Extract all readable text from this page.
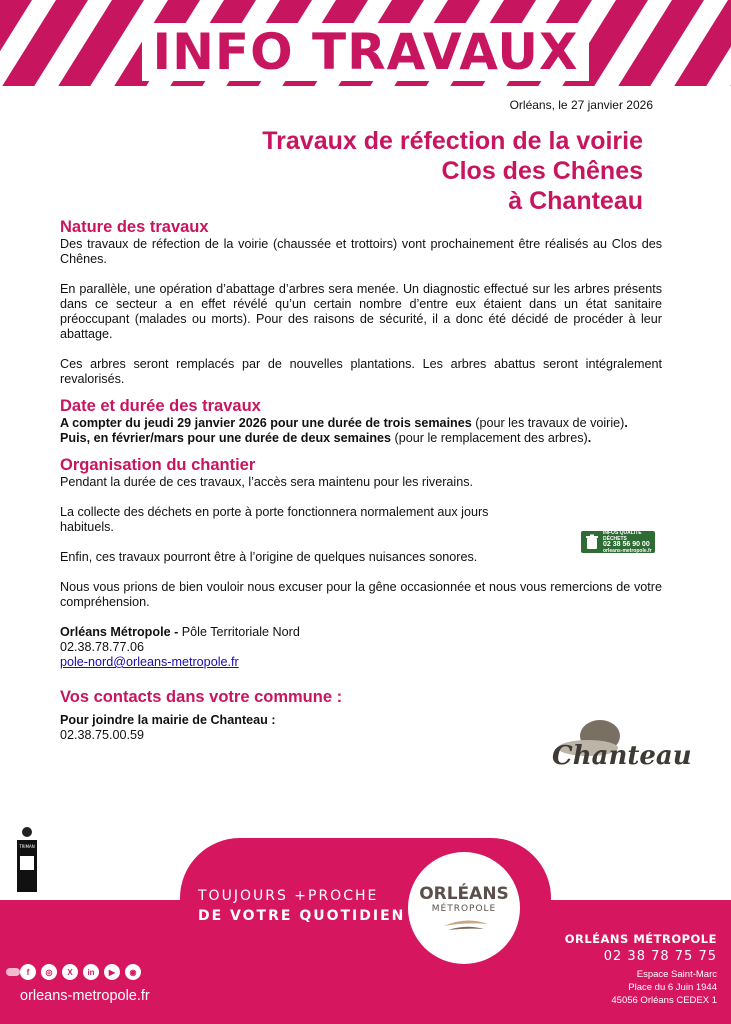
INFO TRAVAUX
Orléans, le 27 janvier 2026
Travaux de réfection de la voirie
Clos des Chênes
à Chanteau
Nature des travaux

Des travaux de réfection de la voirie (chaussée et trottoirs) vont prochainement être réalisés au Clos des Chênes.

En parallèle, une opération d’abattage d’arbres sera menée. Un diagnostic effectué sur les arbres présents dans ce secteur a en effet révélé qu’un certain nombre d’entre eux étaient dans un état sanitaire préoccupant (malades ou morts). Pour des raisons de sécurité, il a donc été décidé de procéder à leur abattage.

Ces arbres seront remplacés par de nouvelles plantations. Les arbres abattus seront intégralement revalorisés.

Date et durée des travaux

A compter du jeudi 29 janvier 2026 pour une durée de trois semaines (pour les travaux de voirie).

Puis, en février/mars pour une durée de deux semaines (pour le remplacement des arbres).

Organisation du chantier

Pendant la durée de ces travaux, l’accès sera maintenu pour les riverains.

La collecte des déchets en porte à porte fonctionnera normalement aux jours habituels.

Enfin, ces travaux pourront être à l’origine de quelques nuisances sonores.

Nous vous prions de bien vouloir nous excuser pour la gêne occasionnée et nous vous remercions de votre compréhension.

Orléans Métropole - Pôle Territoriale Nord

02.38.78.77.06

pole-nord@orleans-metropole.fr

Vos contacts dans votre commune :

Pour joindre la mairie de Chanteau :

02.38.75.00.59

INFOS QUALITÉ DÉCHETS
02 38 56 90 00
orleans-metropole.fr
Chanteau
TRIMAN
TOUJOURS +PROCHE
DE VOTRE QUOTIDIEN
ORLÉANS
MÉTROPOLE
ORLÉANS MÉTROPOLE
02 38 78 75 75
Espace Saint-Marc
Place du 6 Juin 1944
45056 Orléans CEDEX 1
f	◎	X	in	▶	◉
orleans-metropole.fr
